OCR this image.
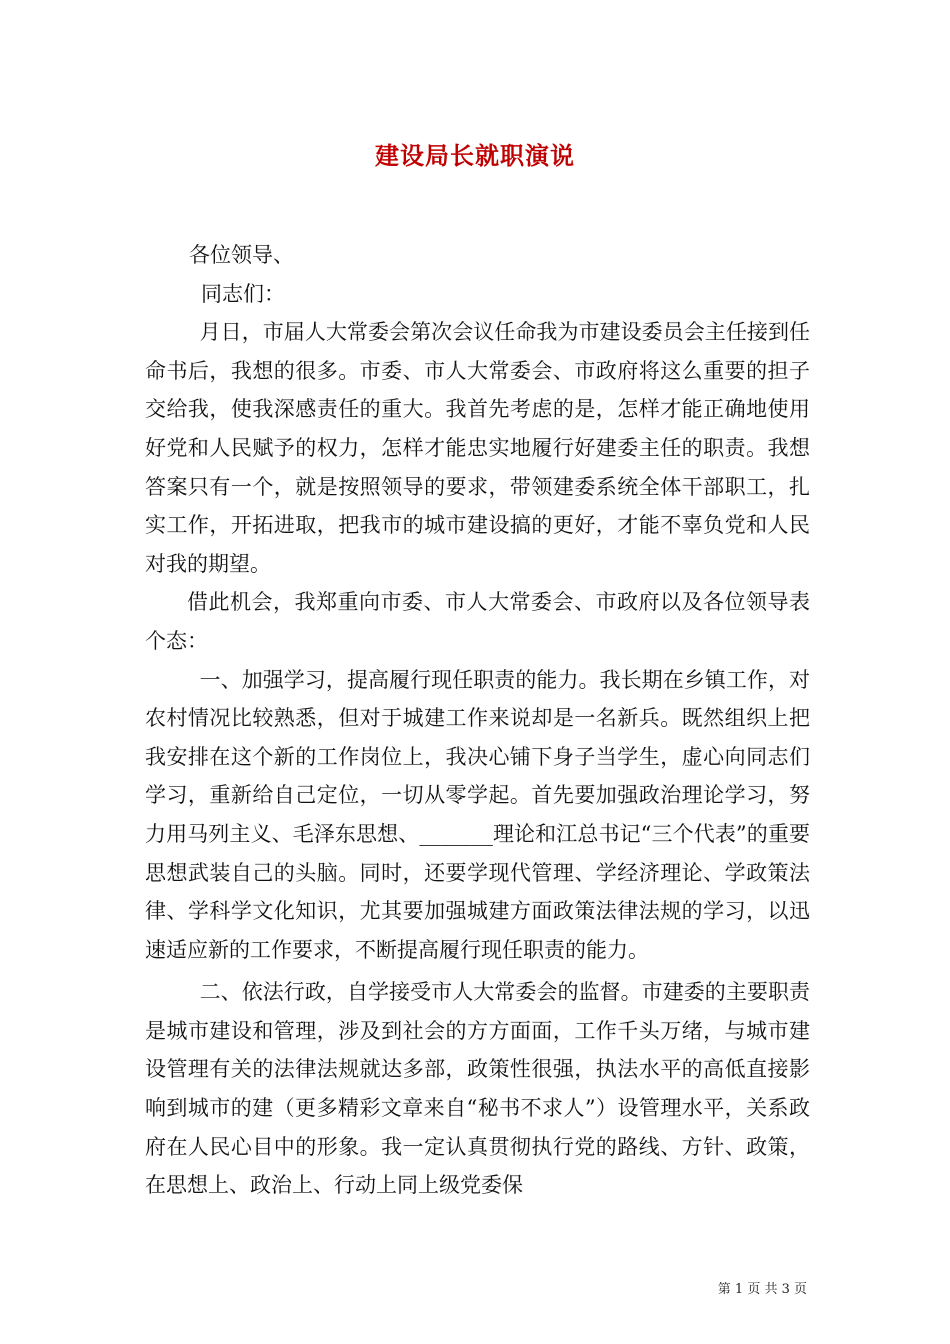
建设局长就职演说

各位领导、

同志们：

月日，市届人大常委会第次会议任命我为市建设委员会主任接到任命书后，我想的很多。市委、市人大常委会、市政府将这么重要的担子交给我，使我深感责任的重大。我首先考虑的是，怎样才能正确地使用好党和人民赋予的权力，怎样才能忠实地履行好建委主任的职责。我想答案只有一个，就是按照领导的要求，带领建委系统全体干部职工，扎实工作，开拓进取，把我市的城市建设搞的更好，才能不辜负党和人民对我的期望。

借此机会，我郑重向市委、市人大常委会、市政府以及各位领导表个态：

一、加强学习，提高履行现任职责的能力。我长期在乡镇工作，对农村情况比较熟悉，但对于城建工作来说却是一名新兵。既然组织上把我安排在这个新的工作岗位上，我决心铺下身子当学生，虚心向同志们学习，重新给自己定位，一切从零学起。首先要加强政治理论学习，努力用马列主义、毛泽东思想、_______理论和江总书记“三个代表”的重要思想武装自己的头脑。同时，还要学现代管理、学经济理论、学政策法律、学科学文化知识，尤其要加强城建方面政策法律法规的学习，以迅速适应新的工作要求，不断提高履行现任职责的能力。

二、依法行政，自学接受市人大常委会的监督。市建委的主要职责是城市建设和管理，涉及到社会的方方面面，工作千头万绪，与城市建设管理有关的法律法规就达多部，政策性很强，执法水平的高低直接影响到城市的建（更多精彩文章来自“秘书不求人”）设管理水平，关系政府在人民心目中的形象。我一定认真贯彻执行党的路线、方针、政策，在思想上、政治上、行动上同上级党委保

第 1 页 共 3 页
